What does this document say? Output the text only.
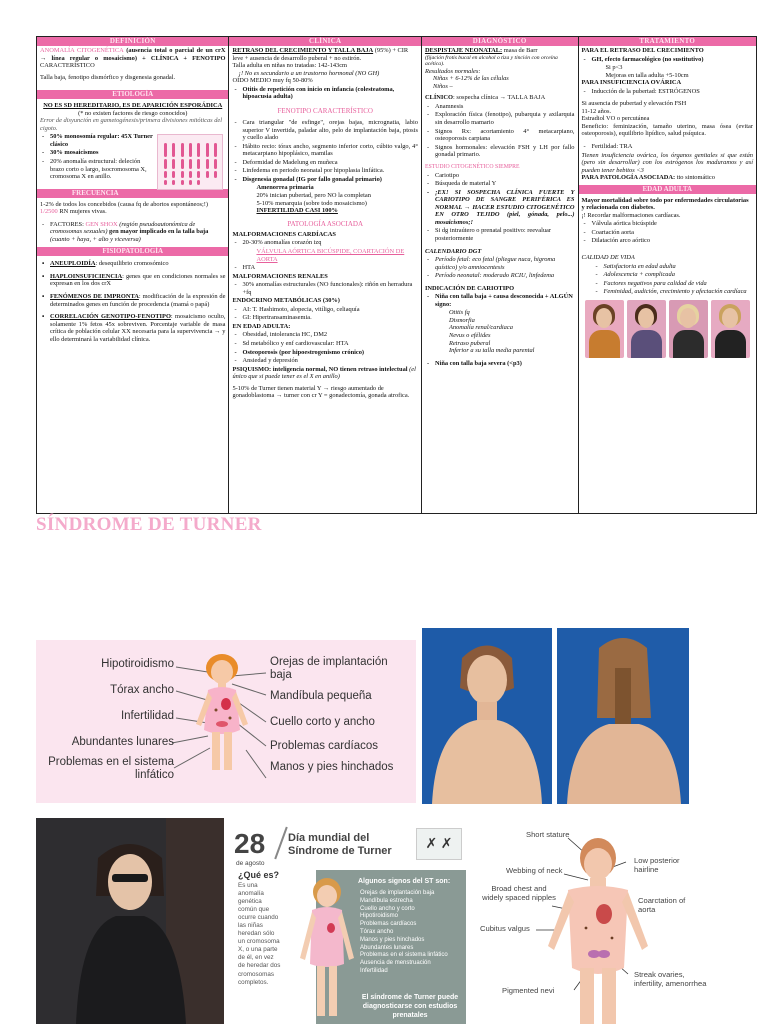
DEFINICIÓN
ANOMALÍA CITOGENÉTICA (ausencia total o parcial de un crX → línea regular o mosaicismo) + CLÍNICA + FENOTIPO CARACTERÍSTICO
Talla baja, fenotipo dismórfico y disgenesia gonadal.
ETIOLOGÍA
NO ES SD HEREDITARIO, ES DE APARICIÓN ESPORÁDICA
(* no existen factores de riesgo conocidos)
Error de disyunción en gametogénesis/primera divisiones mitóticas del cigoto.
- 50% monosomía regular: 45X Turner clásico
- 30% mosaicismos
- 20% anomalía estructural: deleción brazo corto o largo, isocromosoma X, cromosoma X en anillo.
FRECUENCIA
1-2% de todos los concebidos (causa fq de abortos espontáneos;!)
1/2500 RN mujeres vivas.
- FACTORES: GEN SHOX (región pseudoautonómica de cromosomas sexuales) gen mayor implicado en la talla baja (cuanto + haya, + alto y viceversa)
FISIOPATOLOGÍA
▪ ANEUPLOIDÍA: desequilibrio cromosómico
▪ HAPLOINSUFICIENCIA: genes que en condiciones normales se expresan en los dos crX
▪ FENÓMENOS DE IMPRONTA: modificación de la expresión de determinados genes en función de procedencia (mamá o papá)
▪ CORRELACIÓN GENOTIPO-FENOTIPO: mosaicismo oculto, solamente 1% fetos 45x sobreviven. Porcentaje variable de masa crítica de población celular XX necesaria para la supervivencia → y ello determinará la variabilidad clínica.
CLÍNICA
RETRASO DEL CRECIMIENTO Y TALLA BAJA (95%) + CIR leve + ausencia de desarrollo puberal + no estirón.
Talla adulta en niñas no tratadas: 142-143cm
¡! No es secundario a un trastorno hormonal (NO GH)
OÍDO MEDIO muy fq 50-80%
- Otitis de repetición con inicio en infancia (colesteatoma, hipoacusia adulta)
FENOTIPO CARACTERÍSTICO
- Cara triangular "de esfinge", orejas bajas, micrognatia, labio superior V invertida, paladar alto, pelo de implantación baja, ptosis y cuello alado
- Hábito recio: tórax ancho, segmento inferior corto, cúbito valgo, 4° metacarpiano hipoplásico, mamilas
- Deformidad de Madelung en muñeca
- Linfedema en periodo neonatal por hipoplasia linfática.
- Disgenesia gonadal (IG por fallo gonadal primario)
Amenorrea primaria
20% inician pubertad, pero NO la completan
5-10% menarquia (sobre todo mosaicismo)
INFERTILIDAD CASI 100%
PATOLOGÍA ASOCIADA
MALFORMACIONES CARDÍACAS
- 20-30% anomalías corazón izq
VÁLVULA AÓRTICA BICÚSPIDE, COARTACIÓN DE AORTA
- HTA
MALFORMACIONES RENALES
- 30% anomalías estructurales (NO funcionales): riñón en herradura +fq
ENDOCRINO METABÓLICAS (30%)
- AI: T. Hashimoto, alopecia, vitíligo, celiaquía
- GI: Hipertransaminasemia.
EN EDAD ADULTA:
- Obesidad, intolerancia HC, DM2
- Sd metabólico y enf cardiovascular: HTA
- Osteoporosis (por hipoestrogenismo crónico)
- Ansiedad y depresión
PSIQUISMO: inteligencia normal, NO tienen retraso intelectual (el único que si puede tener es el X en anillo)
5-10% de Turner tienen material Y → riesgo aumentado de gonadoblastoma → turner con cr Y = gonadectomía, gonada atrofica.
DIAGNÓSTICO
DESPISTAJE NEONATAL: masa de Barr
(fijación frotis bucal en alcohol o tiza y tinción con orceína acética).
Resultados normales:
Niñas + 6-12% de las células
Niños –
CLÍNICO: sospecha clínica → TALLA BAJA
- Anamnesis
- Exploración física (fenotipo), pubarquia y axilarquia sin desarrollo mamario
- Signos Rx: acortamiento 4° metacarpiano, osteoporosis carpiana
- Signos hormonales: elevación FSH y LH por fallo gonadal primario.
ESTUDIO CITOGENÉTICO SIEMPRE
- Cariotipo
- Búsqueda de material Y
- ¡EX! SI SOSPECHA CLÍNICA FUERTE Y CARIOTIPO DE SANGRE PERIFÉRICA ES NORMAL → HACER ESTUDIO CITOGENÉTICO EN OTRO TEJIDO (piel, gónada, pelo...) mosaicismos;!
- Si dg intraútero o prenatal positivo: reevaluar posteriormente
CALENDARIO DGT
- Período fetal: eco fetal (pliegue nuca, higroma quístico) y/o amniocentesis
- Período neonatal: moderado RCIU, linfedema
INDICACIÓN DE CARIOTIPO
- Niña con talla baja + causa desconocida + ALGÚN signo:
Otitis fq
Dismorfia
Anomalía renal/cardiaca
Nevus o efélides
Retraso puberal
Inferior a su talla media parental
- Niña con talla baja severa (<p3)
TRATAMIENTO
PARA EL RETRASO DEL CRECIMIENTO
- GH, efecto farmacológico (no sustitutivo)
Si p<3
Mejoras en talla adulta +5-10cm
PARA INSUFICIENCIA OVÁRICA
- Inducción de la pubertad: ESTRÓGENOS
Si ausencia de pubertad y elevación FSH
11-12 años.
Estradiol VO o percutánea
Beneficio: feminización, tamaño uterino, masa ósea (evitar osteoporosis), equilibrio lipídico, salud psíquica.
- Fertilidad: TRA
Tienen insuficiencia ovárica, los órganos genitales si que están (pero sin desarrollar) con los estrógenos los maduramos y así pueden tener bebitos <3
PARA PATOLOGÍA ASOCIADA: tto sintomático
EDAD ADULTA
Mayor mortalidad sobre todo por enfermedades circulatorias y relacionada con diabetes.
¡! Recordar malformaciones cardíacas.
- Válvula aórtica bicúspide
- Coartación aorta
- Dilatación arco aórtico
CALIDAD DE VIDA
- Satisfactoria en edad adulta
- Adolescencia + complicada
- Factores negativos para calidad de vida
- Feminidad, audición, crecimiento y afectación cardíaca
SÍNDROME DE TURNER
Hipotiroidismo
Tórax ancho
Infertilidad
Abundantes lunares
Problemas en el sistema linfático
Orejas de implantación baja
Mandíbula pequeña
Cuello corto y ancho
Problemas cardíacos
Manos y pies hinchados
28
de agosto
Día mundial del
Síndrome de Turner	✗ ✗
¿Qué es?
Es una anomalía genética común que ocurre cuando las niñas heredan sólo un cromosoma X, o una parte de él, en vez de heredar dos cromosomas completos.
Algunos signos del ST son:
Orejas de implantación baja
Mandíbula estrecha
Cuello ancho y corto
Hipotiroidismo
Problemas cardíacos
Tórax ancho
Manos y pies hinchados
Abundantes lunares
Problemas en el sistema linfático
Ausencia de menstruación
Infertilidad
El síndrome de Turner puede diagnosticarse con estudios prenatales
Short stature
Webbing of neck
Low posterior hairline
Broad chest and widely spaced nipples	Coarctation of aorta
Cubitus valgus
Pigmented nevi
Streak ovaries, infertility, amenorrhea
